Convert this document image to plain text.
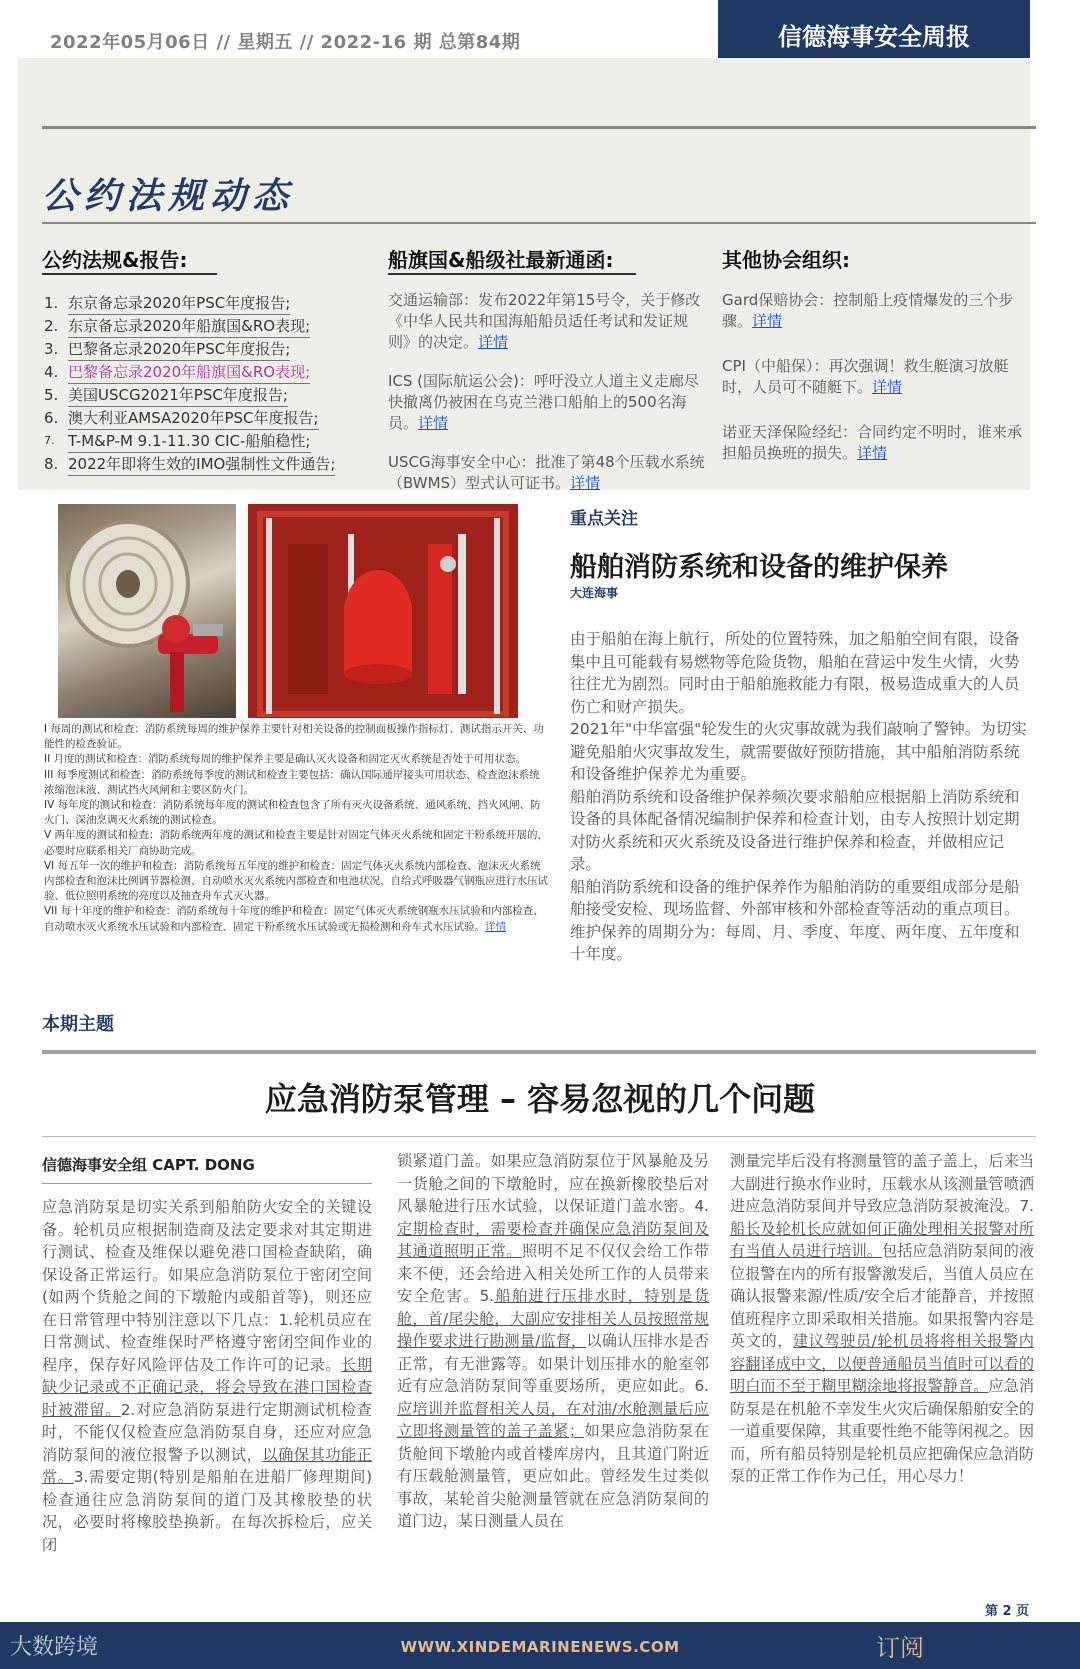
2022年05月06日 // 星期五 // 2022-16 期 总第84期	信德海事安全周报
公约法规动态
公约法规&报告:
1. 东京备忘录2020年PSC年度报告;
2. 东京备忘录2020年船旗国&RO表现;
3. 巴黎备忘录2020年PSC年度报告;
4. 巴黎备忘录2020年船旗国&RO表现;
5. 美国USCG2021年PSC年度报告;
6. 澳大利亚AMSA2020年PSC年度报告;
7. T-M&P-M 9.1-11.30 CIC-船舶稳性;
8. 2022年即将生效的IMO强制性文件通告;
船旗国&船级社最新通函:

交通运输部：发布2022年第15号令，关于修改《中华人民共和国海船船员适任考试和发证规则》的决定。详情

ICS (国际航运公会)：呼吁没立人道主义走廊尽快撤离仍被困在乌克兰港口船舶上的500名海员。详情

USCG海事安全中心：批准了第48个压载水系统（BWMS）型式认可证书。详情

其他协会组织:

Gard保赔协会：控制船上疫情爆发的三个步骤。详情

CPI（中船保）：再次强调！救生艇演习放艇时，人员可不随艇下。详情

诺亚天泽保险经纪：合同约定不明时，谁来承担船员换班的损失。详情

I 每周的测试和检查：消防系统每周的维护保养主要针对相关设备的控制面板操作指标灯、测试指示开关、功能性的检查验证。
II 月度的测试和检查：消防系统每周的维护保养主要是确认灭火设备和固定灭火系统是否处于可用状态。
III 每季度测试和检查：消防系统每季度的测试和检查主要包括：确认国际通岸接头可用状态、检查泡沫系统浓缩泡沫液、测试挡火风闸和主要区防火门。
IV 每年度的测试和检查：消防系统每年度的测试和检查包含了所有灭火设备系统、通风系统、挡火风闸、防火门、深油烹调灭火系统的测试检查。
V 两年度的测试和检查：消防系统两年度的测试和检查主要是针对固定气体灭火系统和固定干粉系统开展的，必要时应联系相关厂商协助完成。
VI 每五年一次的维护和检查：消防系统每五年度的维护和检查：固定气体灭火系统内部检查、泡沫灭火系统内部检查和泡沫比例调节器检测、自动喷水灭火系统内部检查和电池状况、自给式呼吸器气钢瓶应进行水压试验、低位照明系统的亮度以及抽查舟车式灭火器。
VII 每十年度的维护和检查：消防系统每十年度的维护和检查：固定气体灭火系统钢瓶水压试验和内部检查、自动喷水灭火系统水压试验和内部检查、固定干粉系统水压试验或无损检测和舟车式水压试验。详情
重点关注
船舶消防系统和设备的维护保养
大连海事

由于船舶在海上航行，所处的位置特殊，加之船舶空间有限，设备集中且可能载有易燃物等危险货物，船舶在营运中发生火情，火势往往尤为剧烈。同时由于船舶施救能力有限，极易造成重大的人员伤亡和财产损失。

2021年"中华富强"轮发生的火灾事故就为我们敲响了警钟。为切实避免船舶火灾事故发生，就需要做好预防措施，其中船舶消防系统和设备维护保养尤为重要。

船舶消防系统和设备维护保养频次要求船舶应根据船上消防系统和设备的具体配备情况编制护保养和检查计划，由专人按照计划定期对防火系统和灭火系统及设备进行维护保养和检查，并做相应记录。

船舶消防系统和设备的维护保养作为船舶消防的重要组成部分是船舶接受安检、现场监督、外部审核和外部检查等活动的重点项目。维护保养的周期分为：每周、月、季度、年度、两年度、五年度和十年度。

本期主题
应急消防泵管理 – 容易忽视的几个问题
信德海事安全组 CAPT. DONG
应急消防泵是切实关系到船舶防火安全的关键设备。轮机员应根据制造商及法定要求对其定期进行测试、检查及维保以避免港口国检查缺陷，确保设备正常运行。如果应急消防泵位于密闭空间(如两个货舱之间的下墩舱内或船首等)，则还应在日常管理中特别注意以下几点：1.轮机员应在日常测试、检查维保时严格遵守密闭空间作业的程序，保存好风险评估及工作许可的记录。长期缺少记录或不正确记录，将会导致在港口国检查时被滞留。2.对应急消防泵进行定期测试机检查时，不能仅仅检查应急消防泵自身，还应对应急消防泵间的液位报警予以测试，以确保其功能正常。3.需要定期(特别是船舶在进船厂修理期间)检查通往应急消防泵间的道门及其橡胶垫的状况，必要时将橡胶垫换新。在每次拆检后，应关闭
锁紧道门盖。如果应急消防泵位于风暴舱及另一货舱之间的下墩舱时，应在换新橡胶垫后对风暴舱进行压水试验，以保证道门盖水密。4.定期检查时，需要检查并确保应急消防泵间及其通道照明正常。照明不足不仅仅会给工作带来不便，还会给进入相关处所工作的人员带来安全危害。5.船舶进行压排水时，特别是货舱，首/尾尖舱，大副应安排相关人员按照常规操作要求进行勘测量/监督，以确认压排水是否正常，有无泄露等。如果计划压排水的舱室邻近有应急消防泵间等重要场所，更应如此。6.应培训并监督相关人员，在对油/水舱测量后应立即将测量管的盖子盖紧；如果应急消防泵在货舱间下墩舱内或首楼库房内，且其道门附近有压载舱测量管，更应如此。曾经发生过类似事故，某轮首尖舱测量管就在应急消防泵间的道门边，某日测量人员在
测量完毕后没有将测量管的盖子盖上，后来当大副进行换水作业时，压载水从该测量管喷洒进应急消防泵间并导致应急消防泵被淹没。7.船长及轮机长应就如何正确处理相关报警对所有当值人员进行培训。包括应急消防泵间的液位报警在内的所有报警激发后，当值人员应在确认报警来源/性质/安全后才能静音，并按照值班程序立即采取相关措施。如果报警内容是英文的，建议驾驶员/轮机员将将相关报警内容翻译成中文，以便普通船员当值时可以看的明白而不至于糊里糊涂地将报警静音。应急消防泵是在机舱不幸发生火灾后确保船舶安全的一道重要保障，其重要性绝不能等闲视之。因而，所有船员特别是轮机员应把确保应急消防泵的正常工作作为己任，用心尽力！
第 2 页
WWW.XINDEMARINENEWS.COM	订阅
大数跨境
